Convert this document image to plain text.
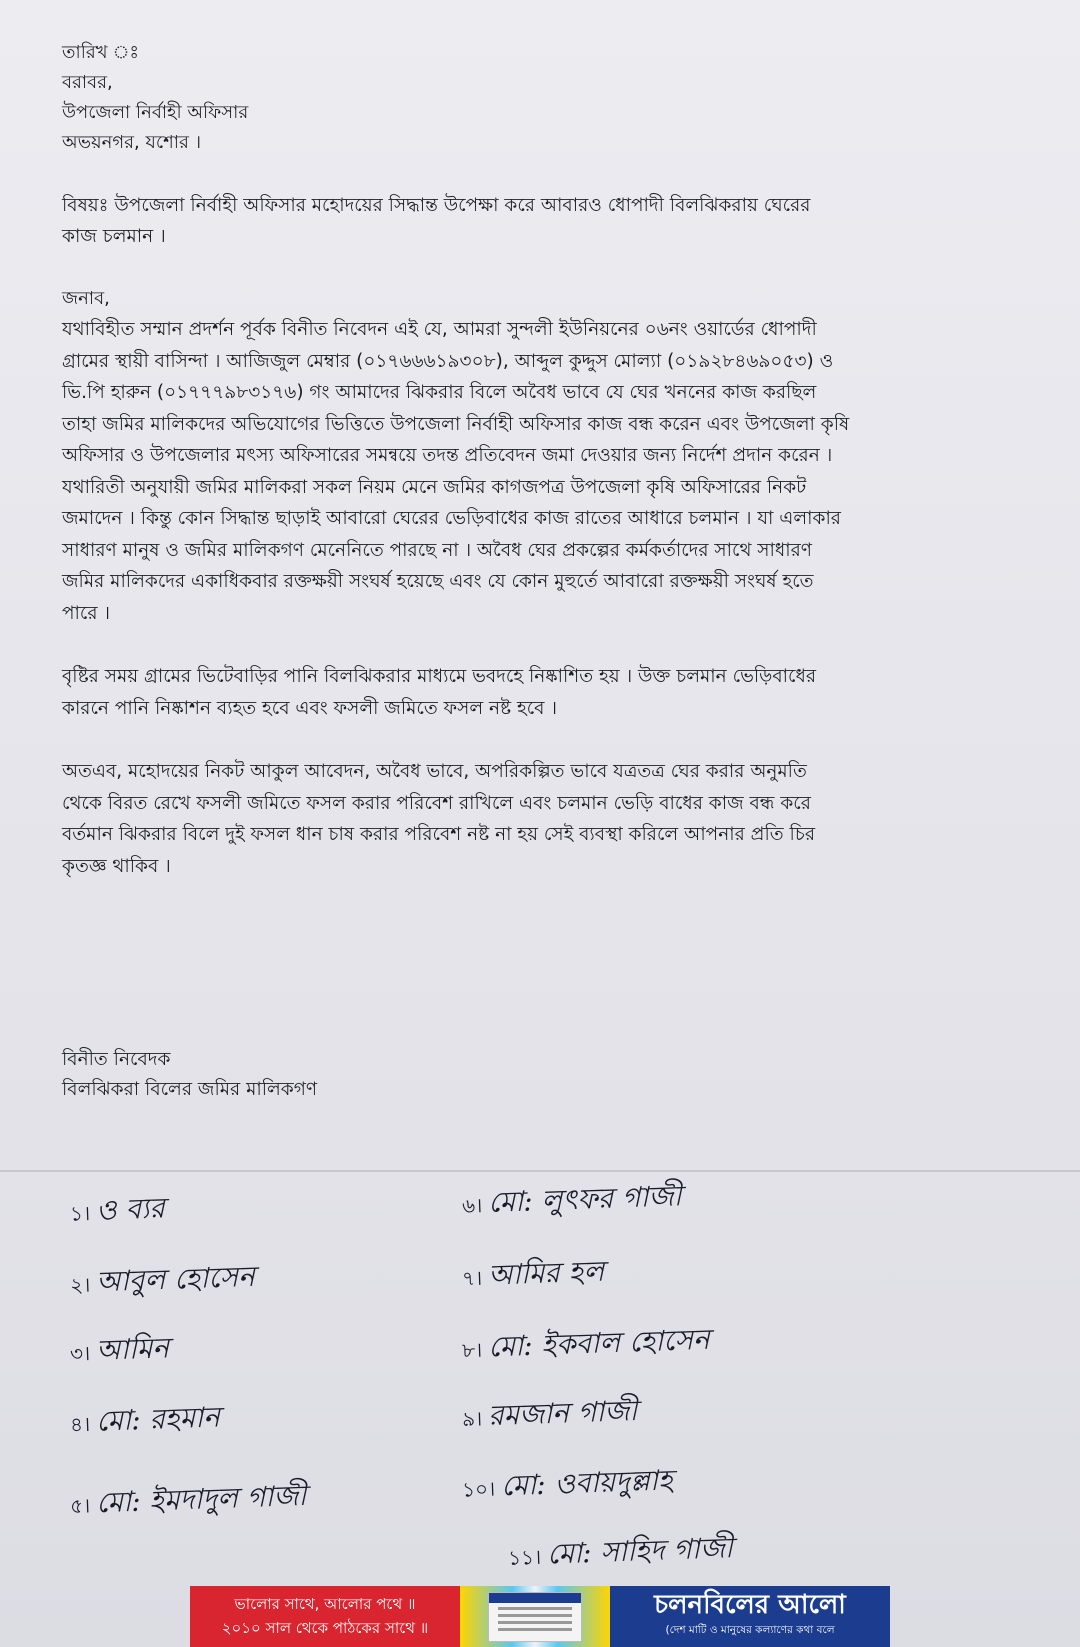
তারিখ ঃ
বরাবর,
উপজেলা নির্বাহী অফিসার
অভয়নগর, যশোর ।
বিষয়ঃ উপজেলা নির্বাহী অফিসার মহোদয়ের সিদ্ধান্ত উপেক্ষা করে আবারও ধোপাদী বিলঝিকরায় ঘেরের
কাজ চলমান ।
জনাব,
যথাবিহীত সম্মান প্রদর্শন পূর্বক বিনীত নিবেদন এই যে, আমরা সুন্দলী ইউনিয়নের ০৬নং ওয়ার্ডের ধোপাদী
গ্রামের স্থায়ী বাসিন্দা । আজিজুল মেম্বার (০১৭৬৬৬১৯৩০৮), আব্দুল কুদ্দুস মোল্যা (০১৯২৮৪৬৯০৫৩) ও
ভি.পি হারুন (০১৭৭৭৯৮৩১৭৬) গং আমাদের ঝিকরার বিলে অবৈধ ভাবে যে ঘের খননের কাজ করছিল
তাহা জমির মালিকদের অভিযোগের ভিত্তিতে উপজেলা নির্বাহী অফিসার কাজ বন্ধ করেন এবং উপজেলা কৃষি
অফিসার ও উপজেলার মৎস্য অফিসারের সমন্বয়ে তদন্ত প্রতিবেদন জমা দেওয়ার জন্য নির্দেশ প্রদান করেন ।
যথারিতী অনুযায়ী জমির মালিকরা সকল নিয়ম মেনে জমির কাগজপত্র উপজেলা কৃষি অফিসারের নিকট
জমাদেন । কিন্তু কোন সিদ্ধান্ত ছাড়াই আবারো ঘেরের ভেড়িবাধের কাজ রাতের আধারে চলমান । যা এলাকার
সাধারণ মানুষ ও জমির মালিকগণ মেনেনিতে পারছে না । অবৈধ ঘের প্রকল্পের কর্মকর্তাদের সাথে সাধারণ
জমির মালিকদের একাধিকবার রক্তক্ষয়ী সংঘর্ষ হয়েছে এবং যে কোন মুহুর্তে আবারো রক্তক্ষয়ী সংঘর্ষ হতে
পারে ।
বৃষ্টির সময় গ্রামের ভিটেবাড়ির পানি বিলঝিকরার মাধ্যমে ভবদহে নিষ্কাশিত হয় । উক্ত চলমান ভেড়িবাধের
কারনে পানি নিষ্কাশন ব্যহত হবে এবং ফসলী জমিতে ফসল নষ্ট হবে ।
অতএব, মহোদয়ের নিকট আকুল আবেদন, অবৈধ ভাবে, অপরিকল্পিত ভাবে যত্রতত্র ঘের করার অনুমতি
থেকে বিরত রেখে ফসলী জমিতে ফসল করার পরিবেশ রাখিলে এবং চলমান ভেড়ি বাধের কাজ বন্ধ করে
বর্তমান ঝিকরার বিলে দুই ফসল ধান চাষ করার পরিবেশ নষ্ট না হয় সেই ব্যবস্থা করিলে আপনার প্রতি চির
কৃতজ্ঞ থাকিব ।
বিনীত নিবেদক
বিলঝিকরা বিলের জমির মালিকগণ
১। ও ব্যর
২। আবুল হোসেন
৩। আমিন
৪। মো: রহমান
৫। মো: ইমদাদুল গাজী
৬। মো: লুৎফর গাজী
৭। আমির হল
৮। মো: ইকবাল হোসেন
৯। রমজান গাজী
১০। মো: ওবায়দুল্লাহ
১১। মো: সাহিদ গাজী
ভালোর সাথে, আলোর পথে ॥
২০১০ সাল থেকে পাঠকের সাথে ॥
চলনবিলের আলো
(দেশ মাটি ও মানুষের কল্যাণের কথা বলে
